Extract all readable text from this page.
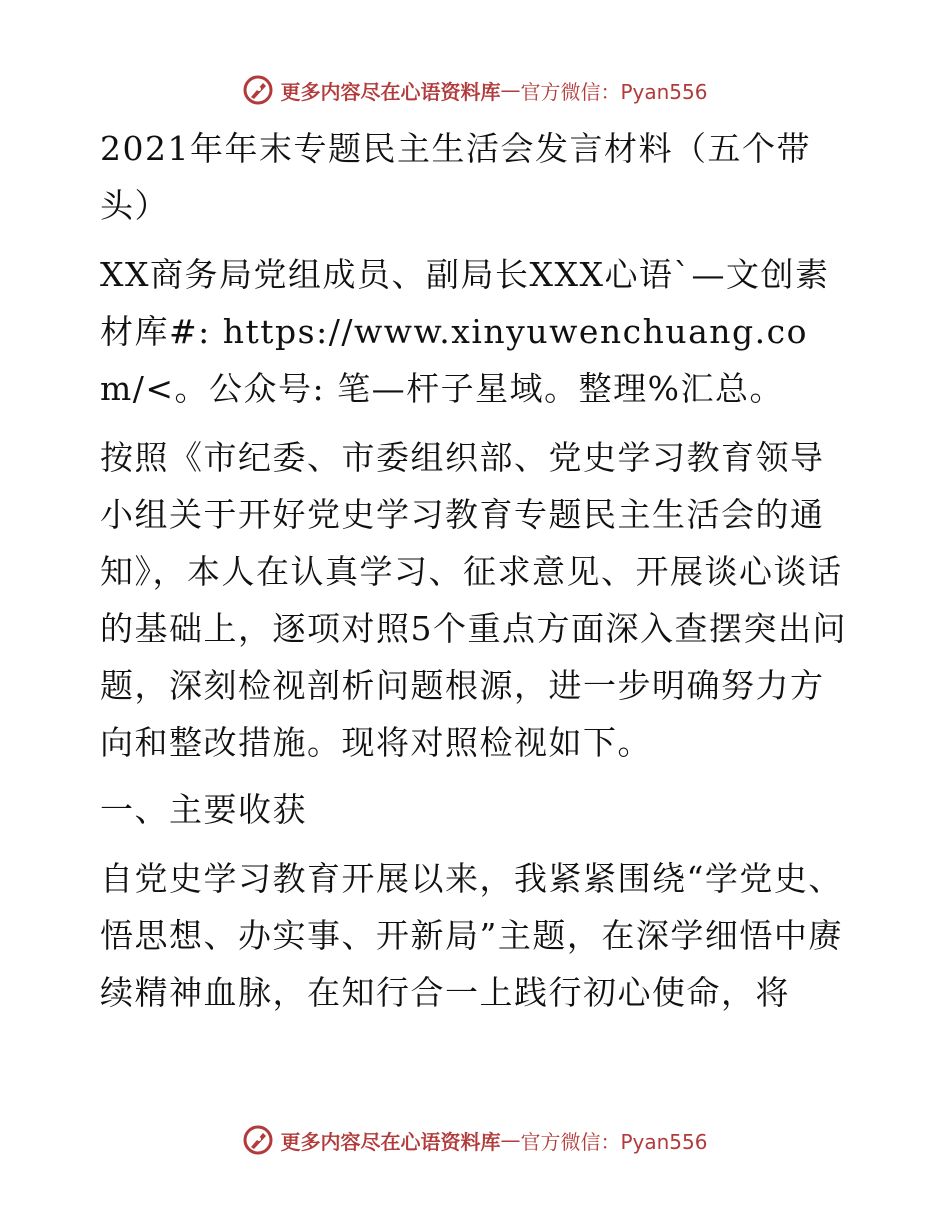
更多内容尽在心语资料库 — 官方微信：Pyan556

2021年年末专题民主生活会发言材料（五个带头）

XX商务局党组成员、副局长XXX心语`—文创素材库#: https://www.xinyuwenchuang.com/<。公众号: 笔—杆子星域。整理%汇总。

按照《市纪委、市委组织部、党史学习教育领导小组关于开好党史学习教育专题民主生活会的通知》，本人在认真学习、征求意见、开展谈心谈话的基础上，逐项对照5个重点方面深入查摆突出问题，深刻检视剖析问题根源，进一步明确努力方向和整改措施。现将对照检视如下。

一、主要收获

自党史学习教育开展以来，我紧紧围绕“学党史、悟思想、办实事、开新局”主题，在深学细悟中赓续精神血脉，在知行合一上践行初心使命，将

更多内容尽在心语资料库 — 官方微信：Pyan556
